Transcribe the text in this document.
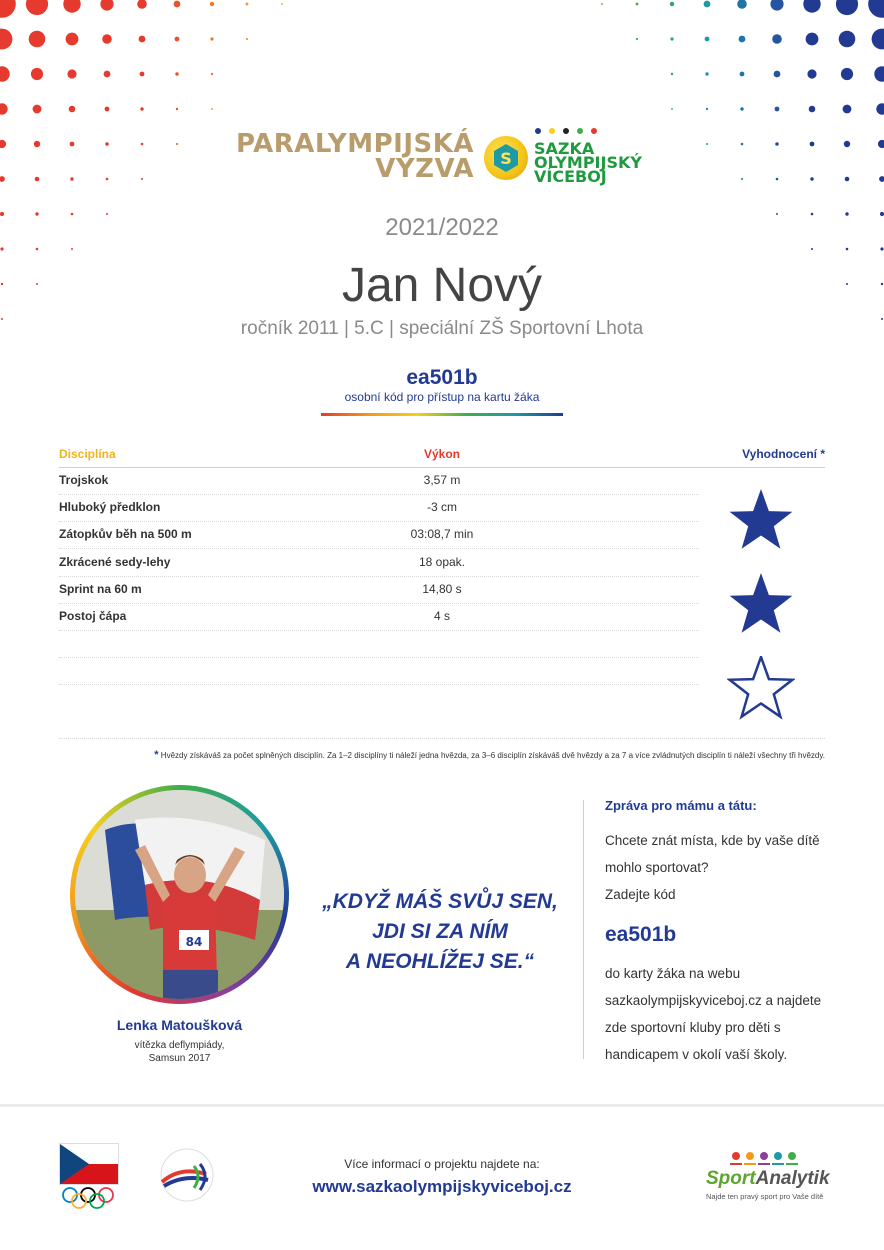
PARALYMPIJSKÁ
VÝZVA S
SAZKA
OLYMPIJSKÝ
VÍCEBOJ
2021/2022
Jan Nový
ročník 2011 | 5.C | speciální ZŠ Sportovní Lhota
ea501b
osobní kód pro přístup na kartu žáka
Disciplína	Výkon	Vyhodnocení *
Trojskok	3,57 m
Hluboký předklon	-3 cm
Zátopkův běh na 500 m	03:08,7 min
Zkrácené sedy-lehy	18 opak.
Sprint na 60 m	14,80 s
Postoj čápa	4 s
* Hvězdy získáváš za počet splněných disciplín. Za 1–2 disciplíny ti náleží jedna hvězda, za 3–6 disciplín získáváš dvě hvězdy a za 7 a více zvládnutých disciplín ti náleží všechny tři hvězdy.
84
Lenka Matoušková
vítězka deflympiády,
Samsun 2017
„KDYŽ MÁŠ SVŮJ SEN,
JDI SI ZA NÍM
A NEOHLÍŽEJ SE.“
Zpráva pro mámu a tátu:
Chcete znát místa, kde by vaše dítě
mohlo sportovat?
Zadejte kód
ea501b
do karty žáka na webu
sazkaolympijskyviceboj.cz a najdete
zde sportovní kluby pro děti s
handicapem v okolí vaší školy.
Více informací o projektu najdete na:
www.sazkaolympijskyviceboj.cz	SportAnalytik
Najde ten pravý sport pro Vaše dítě
